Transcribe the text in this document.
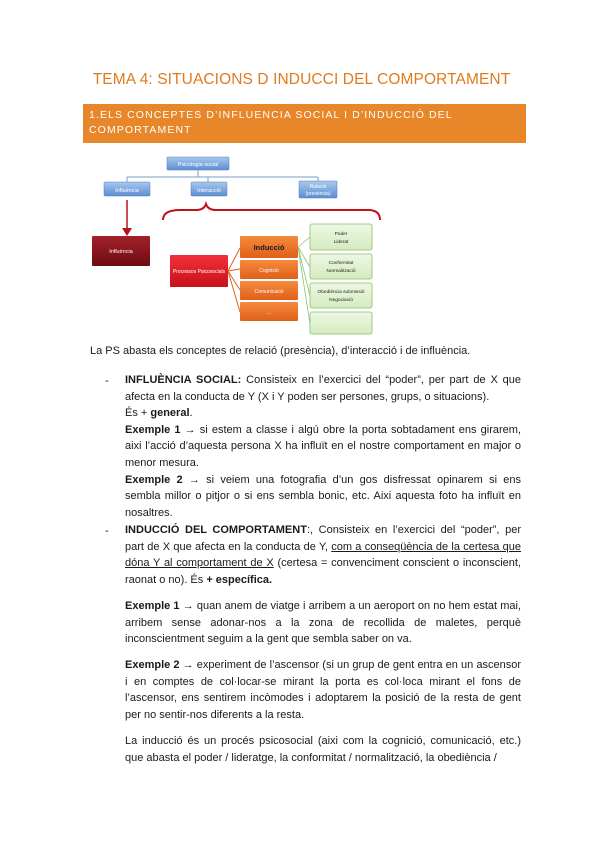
TEMA 4: SITUACIONS D INDUCCI DEL COMPORTAMENT
1.ELS CONCEPTES D’INFLUENCIA SOCIAL I D’INDUCCIÓ DEL
COMPORTAMENT
Psicologia social
Influència	Interacció
Relació
(presència)
Influència
Processos Psicosocials
Inducció
Cognició
Comunicació
...
Poder
Liderat
Conformitat
Normalització
Obediència submissió
Negociació
La PS abasta els conceptes de relació (presència), d’interacció i de influència.
- INFLUÈNCIA SOCIAL: Consisteix en l’exercici del “poder”, per part de X que afecta en la conducta de Y (X i Y poden ser persones, grups, o situacions).

És + general.

Exemple 1 → si estem a classe i algú obre la porta sobtadament ens girarem, aixi l’acció d’aquesta persona X ha influït en el nostre comportament en major o menor mesura.

Exemple 2 → si veiem una fotografia d’un gos disfressat opinarem si ens sembla millor o pitjor o si ens sembla bonic, etc. Aixi aquesta foto ha influït en nosaltres.

- INDUCCIÓ DEL COMPORTAMENT:, Consisteix en l’exercici del “poder”, per part de X que afecta en la conducta de Y, com a conseqüència de la certesa que dóna Y al comportament de X (certesa = convenciment conscient o inconscient, raonat o no). És + específica.

Exemple 1 → quan anem de viatge i arribem a un aeroport on no hem estat mai, arribem sense adonar-nos a la zona de recollida de maletes, perquè inconscientment seguim a la gent que sembla saber on va.

Exemple 2 → experiment de l’ascensor (si un grup de gent entra en un ascensor i en comptes de col·locar-se mirant la porta es col·loca mirant el fons de l’ascensor, ens sentirem incòmodes i adoptarem la posició de la resta de gent per no sentir-nos diferents a la resta.

La inducció és un procés psicosocial (aixi com la cognició, comunicació, etc.) que abasta el poder / lideratge, la conformitat / normalització, la obediència /
